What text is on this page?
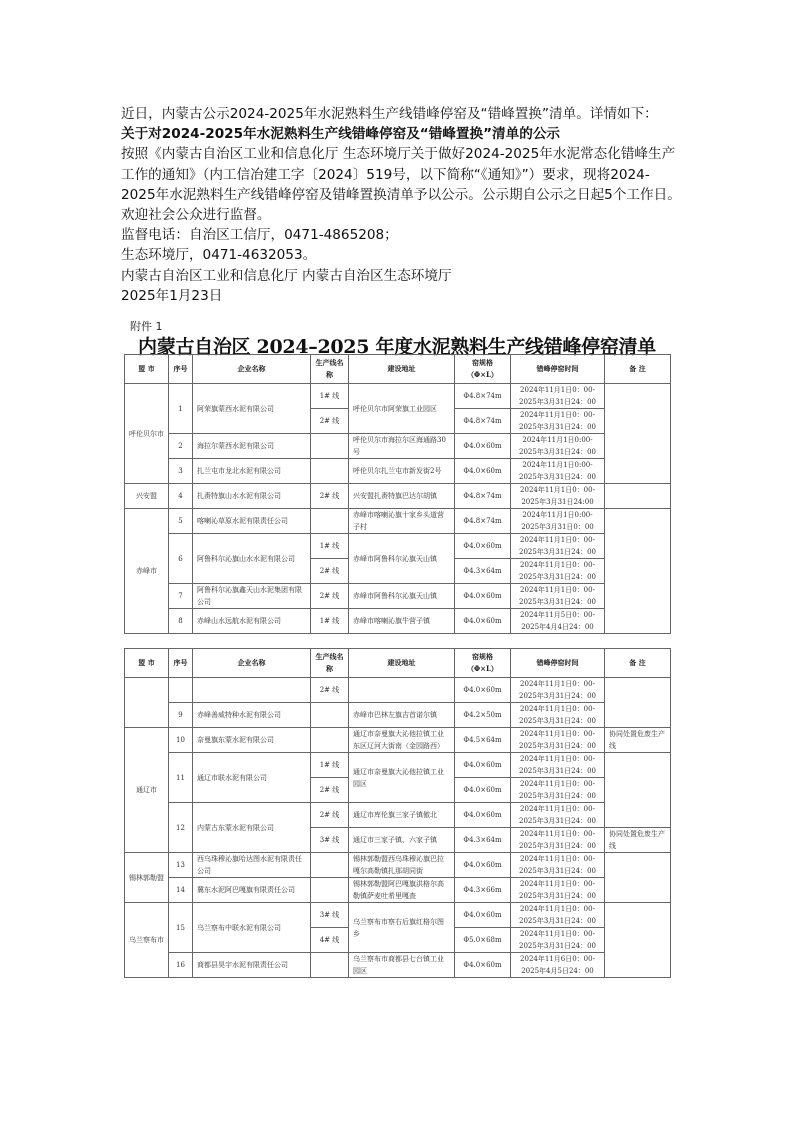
近日，内蒙古公示2024-2025年水泥熟料生产线错峰停窑及“错峰置换”清单。详情如下：

关于对2024-2025年水泥熟料生产线错峰停窑及“错峰置换”清单的公示

按照《内蒙古自治区工业和信息化厅 生态环境厅关于做好2024-2025年水泥常态化错峰生产工作的通知》（内工信冶建工字〔2024〕519号，以下简称“《通知》”）要求，现将2024-2025年水泥熟料生产线错峰停窑及错峰置换清单予以公示。公示期自公示之日起5个工作日。欢迎社会公众进行监督。

监督电话：自治区工信厅，0471-4865208；

生态环境厅，0471-4632053。

内蒙古自治区工业和信息化厅 内蒙古自治区生态环境厅

2025年1月23日

附件 1
内蒙古自治区 2024–2025 年度水泥熟料生产线错峰停窑清单
盟 市	序号	企业名称	生产线名 称	建设地址	窑规格（Φ×L）	错峰停窑时间	备 注
呼伦贝尔市	1	阿荣旗蒙西水泥有限公司	1# 线	呼伦贝尔市阿荣旗工业园区	Φ4.8×74m	2024年11月1日0：00-
2025年3月31日24：00	

			2# 线		Φ4.8×74m	2024年11月1日0：00-
2025年3月31日24：00	

	2	海拉尔蒙西水泥有限公司		呼伦贝尔市海拉尔区海通路30号	Φ4.0×60m	2024年11月1日0:00-
2025年3月31日24：00	

	3	扎兰屯市龙北水泥有限公司		呼伦贝尔扎兰屯市新发街2号	Φ4.0×60m	2024年11月1日0:00-
2025年3月31日24：00	

兴安盟	4	扎赉特旗山水水泥有限公司	2# 线	兴安盟扎赉特旗巴达尔胡镇	Φ4.8×74m	2024年11月1日0：00-
2025年3月31日24:00	

赤峰市	5	喀喇沁草原水泥有限责任公司		赤峰市喀喇沁旗十家乡头道营子村	Φ4.8×74m	2024年11月1日0:00-
2025年3月31日0：00	

	6	阿鲁科尔沁旗山水水泥有限公司	1# 线	赤峰市阿鲁科尔沁旗天山镇	Φ4.0×60m	2024年11月1日0：00-
2025年3月31日24：00	

			2# 线		Φ4.3×64m	2024年11月1日0：00-
2025年3月31日24：00	

	7	阿鲁科尔沁旗鑫天山水泥集团有限公司	2# 线	赤峰市阿鲁科尔沁旗天山镇	Φ4.0×60m	2024年11月1日0：00-
2025年3月31日24：00	

	8	赤峰山水远航水泥有限公司	1# 线	赤峰市喀喇沁旗牛营子镇	Φ4.0×60m	2024年11月5日0：00-
2025年4月4日24：00	
盟 市	序号	企业名称	生产线名 称	建设地址	窑规格（Φ×L）	错峰停窑时间	备 注
			2# 线		Φ4.0×60m	2024年11月1日0：00-
2025年3月31日24：00	

	9	赤峰善威特种水泥有限公司		赤峰市巴林左旗吉首诺尔镇	Φ4.2×50m	2024年11月1日0：00-
2025年3月31日24：00	

通辽市	10	奈曼旗东蒙水泥有限公司		通辽市奈曼旗大沁他拉镇工业东区辽河大街南（金园路西）	Φ4.5×64m	2024年11月1日0：00-
2025年3月31日24：00	协同处置危废生产线
	11	通辽市联水泥有限公司	1# 线	通辽市奈曼旗大沁他拉镇工业园区	Φ4.0×60m	2024年11月1日0：00-
2025年3月31日24：00	

			2# 线		Φ4.0×60m	2024年11月1日0：00-
2025年3月31日24：00	

	12	内蒙古东蒙水泥有限公司	2# 线	通辽市库伦旗三家子镇傲北	Φ4.0×60m	2024年11月1日0：00-
2025年3月31日24：00	

			3# 线	通辽市三家子镇、六家子镇	Φ4.3×64m	2024年11月1日0：00-
2025年3月31日24：00	协同处置危废生产线
锡林郭勒盟	13	西乌珠穆沁旗哈达图水泥有限责任公司		锡林郭勒盟西乌珠穆沁旗巴拉嘎尔高勒镇扎那胡同街	Φ4.0×60m	2024年11月1日0：00-
2025年3月31日24：00	

	14	冀东水泥阿巴嘎旗有限责任公司		锡林郭勒盟阿巴嘎旗洪格尔高勒镇萨麦吐希里嘎查	Φ4.3×66m	2024年11月1日0：00-
2025年3月31日24：00	

乌兰察布市	15	乌兰察布中联水泥有限公司	3# 线	乌兰察布市察右后旗红格尔图乡	Φ4.0×60m	2024年11月1日0：00-
2025年3月31日24：00	

			4# 线		Φ5.0×68m	2024年11月1日0：00-
2025年3月31日24：00	

	16	商都县昊宇水泥有限责任公司		乌兰察布市商都县七台镇工业园区	Φ4.0×60m	2024年11月6日0：00-
2025年4月5日24：00	
